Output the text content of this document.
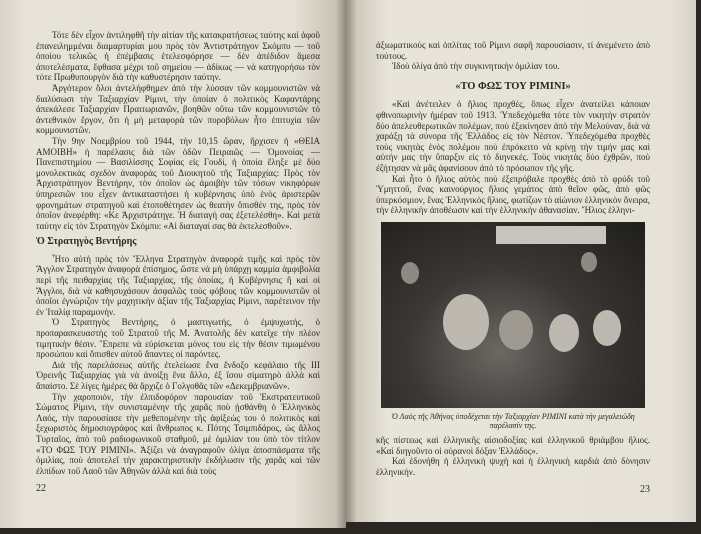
Τότε δὲν εἶχον ἀντιληφθῆ τὴν αἰτίαν τῆς κατακρατήσεως ταύτης καὶ ἀφοῦ ἐπανειλημμέναι διαμαρτυρίαι μου πρὸς τὸν Ἀντιστράτηγον Σκόμπυ — τοῦ ὁποίου τελικῶς ἡ ἐπέμβασις ἐτελεσφόρησε — δὲν ἀπέδιδον ἄμεσα ἀποτελέσματα, ἔφθασα μέχρι τοῦ σημείου — ἀδίκως — νὰ κατηγορήσω τὸν τότε Πρωθυπουργὸν διὰ τὴν καθυστέρησιν ταύτην.

Ἀργότερον ὅλοι ἀντελήφθημεν ἀπὸ τὴν λύσσαν τῶν κομμουνιστῶν νὰ διαλύσωσι τὴν Ταξιαρχίαν Ρίμινι, τὴν ὁποίαν ὁ πολιτικὸς Καφαντάρης ἀπεκάλεσε Ταξιαρχίαν Πραιτωριανῶν, βοηθῶν οὕτω τῶν κομμουνιστῶν τὸ ἀντεθνικὸν ἔργον, ὅτι ἡ μὴ μεταφορὰ τῶν πυροβόλων ἦτο ἐπιτυχία τῶν κομμουνιστῶν.

Τὴν 9ην Νοεμβρίου τοῦ 1944, τὴν 10,15 ὥραν, ἤρχισεν ἡ «ΘΕΙΑ ΑΜΟΙΒΗ» ἡ παρέλασις διὰ τῶν ὁδῶν Πειραιῶς — Ὁμονοίας — Πανεπιστημίου — Βασιλίσσης Σοφίας εἰς Γουδί, ἡ ὁποία ἔληξε μὲ δύο μονολεκτικὰς σχεδὸν ἀναφορὰς τοῦ Διοικητοῦ τῆς Ταξιαρχίας: Πρὸς τὸν Ἀρχιστράτηγον Βεντήρην, τὸν ὁποῖον ὡς ἀμοιβὴν τῶν τόσων νικηφόρων ὑπηρεσιῶν του εἶχεν ἀντικαταστήσει ἡ κυβέρνησις ὑπὸ ἑνὸς ἀριστερῶν φρονημάτων στρατηγοῦ καὶ ἐτοποθέτησεν ὡς θεατὴν ὄπισθέν της, πρὸς τὸν ὁποῖον ἀνεφέρθη: «Κε Ἀρχιστράτηγε. Ἡ διαταγή σας ἐξετελέσθη». Καὶ μετὰ ταύτην εἰς τὸν Στρατηγὸν Σκόμπυ: «Αἱ διαταγαί σας θὰ ἐκτελεσθοῦν».

Ὁ Στρατηγὸς Βεντήρης

Ἦτο αὐτὴ πρὸς τὸν Ἕλληνα Στρατηγὸν ἀναφορὰ τιμῆς καὶ πρὸς τὸν Ἄγγλον Στρατηγὸν ἀναφορὰ ἐπίσημος, ὥστε νὰ μὴ ὑπάρχῃ καμμία ἀμφιβολία περὶ τῆς πειθαρχίας τῆς Ταξιαρχίας, τῆς ὁποίας, ἡ Κυβέρνησις ἢ καὶ οἱ Ἄγγλοι, διὰ νὰ καθησυχάσουν ἀσφαλῶς τοὺς φόβους τῶν κομμουνιστῶν οἱ ὁποῖοι ἐγνώριζον τὴν μαχητικὴν ἀξίαν τῆς Ταξιαρχίας Ρίμινι, παρέτεινον τὴν ἐν Ἰταλίᾳ παραμονήν.

Ὁ Στρατηγὸς Βεντήρης, ὁ μαστιγωτής, ὁ ἐμψυχωτής, ὁ προπαρασκευαστὴς τοῦ Στρατοῦ τῆς Μ. Ἀνατολῆς δὲν κατεῖχε τὴν πλέον τιμητικὴν θέσιν. Ἔπρεπε νὰ εὑρίσκεται μόνος του εἰς τὴν θέσιν τιμωμένου προσώπου καὶ ὄπισθεν αὐτοῦ ἅπαντες οἱ παρόντες.

Διὰ τῆς παρελάσεως αὐτῆς ἐτελείωσε ἕνα ἔνδοξο κεφάλαιο τῆς ΙΙΙ Ὀρεινῆς Ταξιαρχίας γιὰ νὰ ἀνοίξῃ ἕνα ἄλλο, ἐξ ἴσου σίματηρὸ ἀλλὰ καὶ ἄπαίστο. Σὲ λίγες ἡμέρες θὰ ἄρχιζε ὁ Γολγοθᾶς τῶν «Δεκεμβριανῶν».

Τὴν χαροποιόν, τὴν ἐλπιδοφόρον παρουσίαν τοῦ Ἐκστρατευτικοῦ Σώματος Ρίμινι, τὴν συνισταμένην τῆς χαρᾶς ποὺ ᾐσθάνθη ὁ Ἑλληνικὸς Λαός, τὴν παρουσίασε τὴν μεθεπομένην τῆς ἀφίξεώς του ὁ πολιτικὸς καὶ ξεχωριστὸς δημοσιογράφος καὶ ἄνθρωπος κ. Πότης Τσιμπιδάρος, ὡς ἄλλος Τυρταῖος, ἀπὸ τοῦ ραδιοφωνικοῦ σταθμοῦ, μὲ ὁμιλίαν του ὑπὸ τὸν τίτλον «ΤΟ ΦΩΣ ΤΟΥ ΡΙΜΙΝΙ». Ἀξίζει νὰ ἀναγραφοῦν ὀλίγα ἀποσπάσματα τῆς ὁμιλίας, ποὺ ἀποτελεῖ τὴν χαρακτηριστικὴν ἐκδήλωσιν τῆς χαρᾶς καὶ τῶν ἐλπίδων τοῦ Λαοῦ τῶν Ἀθηνῶν ἀλλὰ καὶ διὰ τοὺς

22

ἀξιωματικοὺς καὶ ὁπλίτας τοῦ Ρίμινι σαφῆ παρουσίασιν, τί ἀνεμένετο ἀπὸ τούτους.

Ἰδοὺ ὀλίγα ἀπὸ τὴν συγκινητικὴν ὁμιλίαν του.

«ΤΟ ΦΩΣ ΤΟΥ ΡΙΜΙΝΙ»

«Καὶ ἀνέτειλεν ὁ ἥλιος προχθές, ὅπως εἶχεν ἀνατείλει κάποιαν φθινοπωρινὴν ἡμέραν τοῦ 1913. Ὑπεδεχόμεθα τότε τὸν νικητὴν στρατὸν δύο ἀπελευθερωτικῶν πολέμων, ποὺ ἐξεκίνησεν ἀπὸ τὴν Μελούναν, διὰ νὰ χαράξῃ τὰ σύνορα τῆς Ἑλλάδος εἰς τὸν Νέστον. Ὑπεδεχόμεθα προχθὲς τοὺς νικητὰς ἑνὸς πολέμου ποὺ ἐπρόκειτο νὰ κρίνῃ τὴν τιμήν μας καὶ αὐτήν μας τὴν ὕπαρξιν εἰς τὸ διηνεκές. Τοὺς νικητὰς δύο ἐχθρῶν, ποὺ ἐζήτησαν νὰ μᾶς ἀφανίσουν ἀπὸ τὸ πρόσωπον τῆς γῆς.

Καὶ ἦτο ὁ ἥλιος αὐτὸς ποὺ ἐξεπρόβαλε προχθὲς ἀπὸ τὸ φρύδι τοῦ Ὑμηττοῦ, ἕνας καινούργιος ἥλιος γεμάτος ἀπὸ θεῖον φῶς, ἀπὸ φῶς ὑπερκόσμιον, ἕνας Ἑλληνικὸς ἥλιος, φωτίζων τὸ αἰώνιον ἑλληνικὸν ὅνειρα, τὴν ἑλληνικὴν ἀποθέωσιν καὶ τὴν ἑλληνικὴν ἀθανασίαν. Ἥλιος ἑλληνι-

Ὁ Λαὸς τῆς Ἀθήνας ὑποδέχεται τὴν Ταξιαρχίαν ΡΙΜΙΝΙ κατὰ τὴν μεγαλειώδη παρέλασίν της.

κῆς πίστεως καὶ ἑλληνικῆς αἰσιοδοξίας καὶ ἑλληνικοῦ θριάμβου ἥλιος. «Καὶ διηγοῦντο οἱ οὐρανοὶ δόξαν Ἑλλάδος».

Καὶ ἐδονήθη ἡ ἑλληνικὴ ψυχὴ καὶ ἡ ἑλληνικὴ καρδιὰ ἀπὸ δόνησιν ἑλληνικήν.

23
